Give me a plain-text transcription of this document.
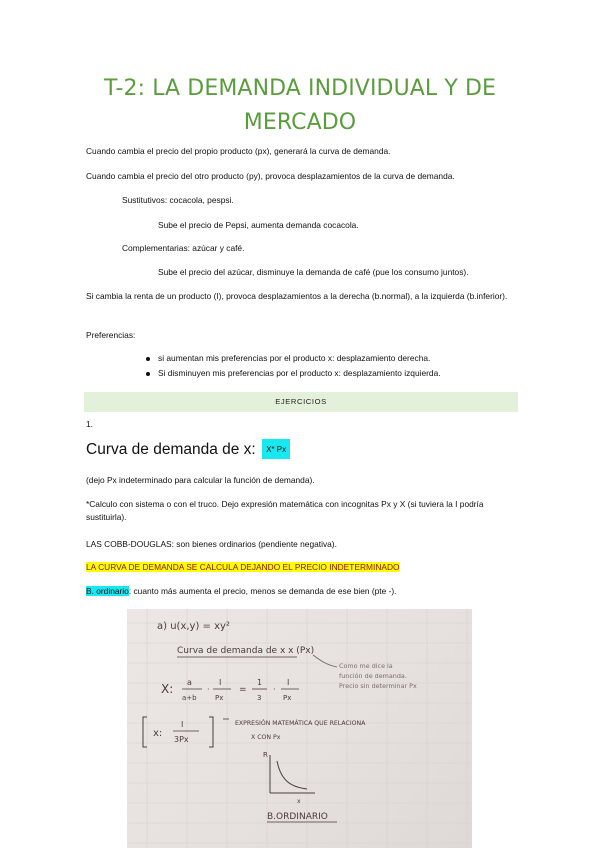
T-2: LA DEMANDA INDIVIDUAL Y DE
MERCADO
Cuando cambia el precio del propio producto (px), generará la curva de demanda.
Cuando cambia el precio del otro producto (py), provoca desplazamientos de la curva de demanda.
Sustitutivos: cocacola, pespsi.
Sube el precio de Pepsi, aumenta demanda cocacola.
Complementarias: azúcar y café.
Sube el precio del azúcar, disminuye la demanda de café (pue los consumo juntos).
Si cambia la renta de un producto (I), provoca desplazamientos a la derecha (b.normal), a la izquierda (b.inferior).
Preferencias:
si aumentan mis preferencias por el producto x: desplazamiento derecha.
Si disminuyen mis preferencias por el producto x: desplazamiento izquierda.
EJERCICIOS
1.
Curva de demanda de x: X* Px
(dejo Px indeterminado para calcular la función de demanda).
*Calculo con sistema o con el truco. Dejo expresión matemática con incognitas Px y X (si tuviera la I podría sustituirla).
LAS COBB-DOUGLAS: son bienes ordinarios (pendiente negativa).
LA CURVA DE DEMANDA SE CALCULA DEJANDO EL PRECIO INDETERMINADO
B. ordinario: cuanto más aumenta el precio, menos se demanda de ese bien (pte -).
a) u(x,y) = xy²
Curva de demanda de x x (Px)
Como me dice la
función de demanda.
Precio sin determinar Px
X: a
a+b
·
I
Px
=
1
3
·
I
Px
x:
I
3Px
EXPRESIÓN MATEMÁTICA QUE RELACIONA
X CON Px
R
x
B.ORDINARIO
